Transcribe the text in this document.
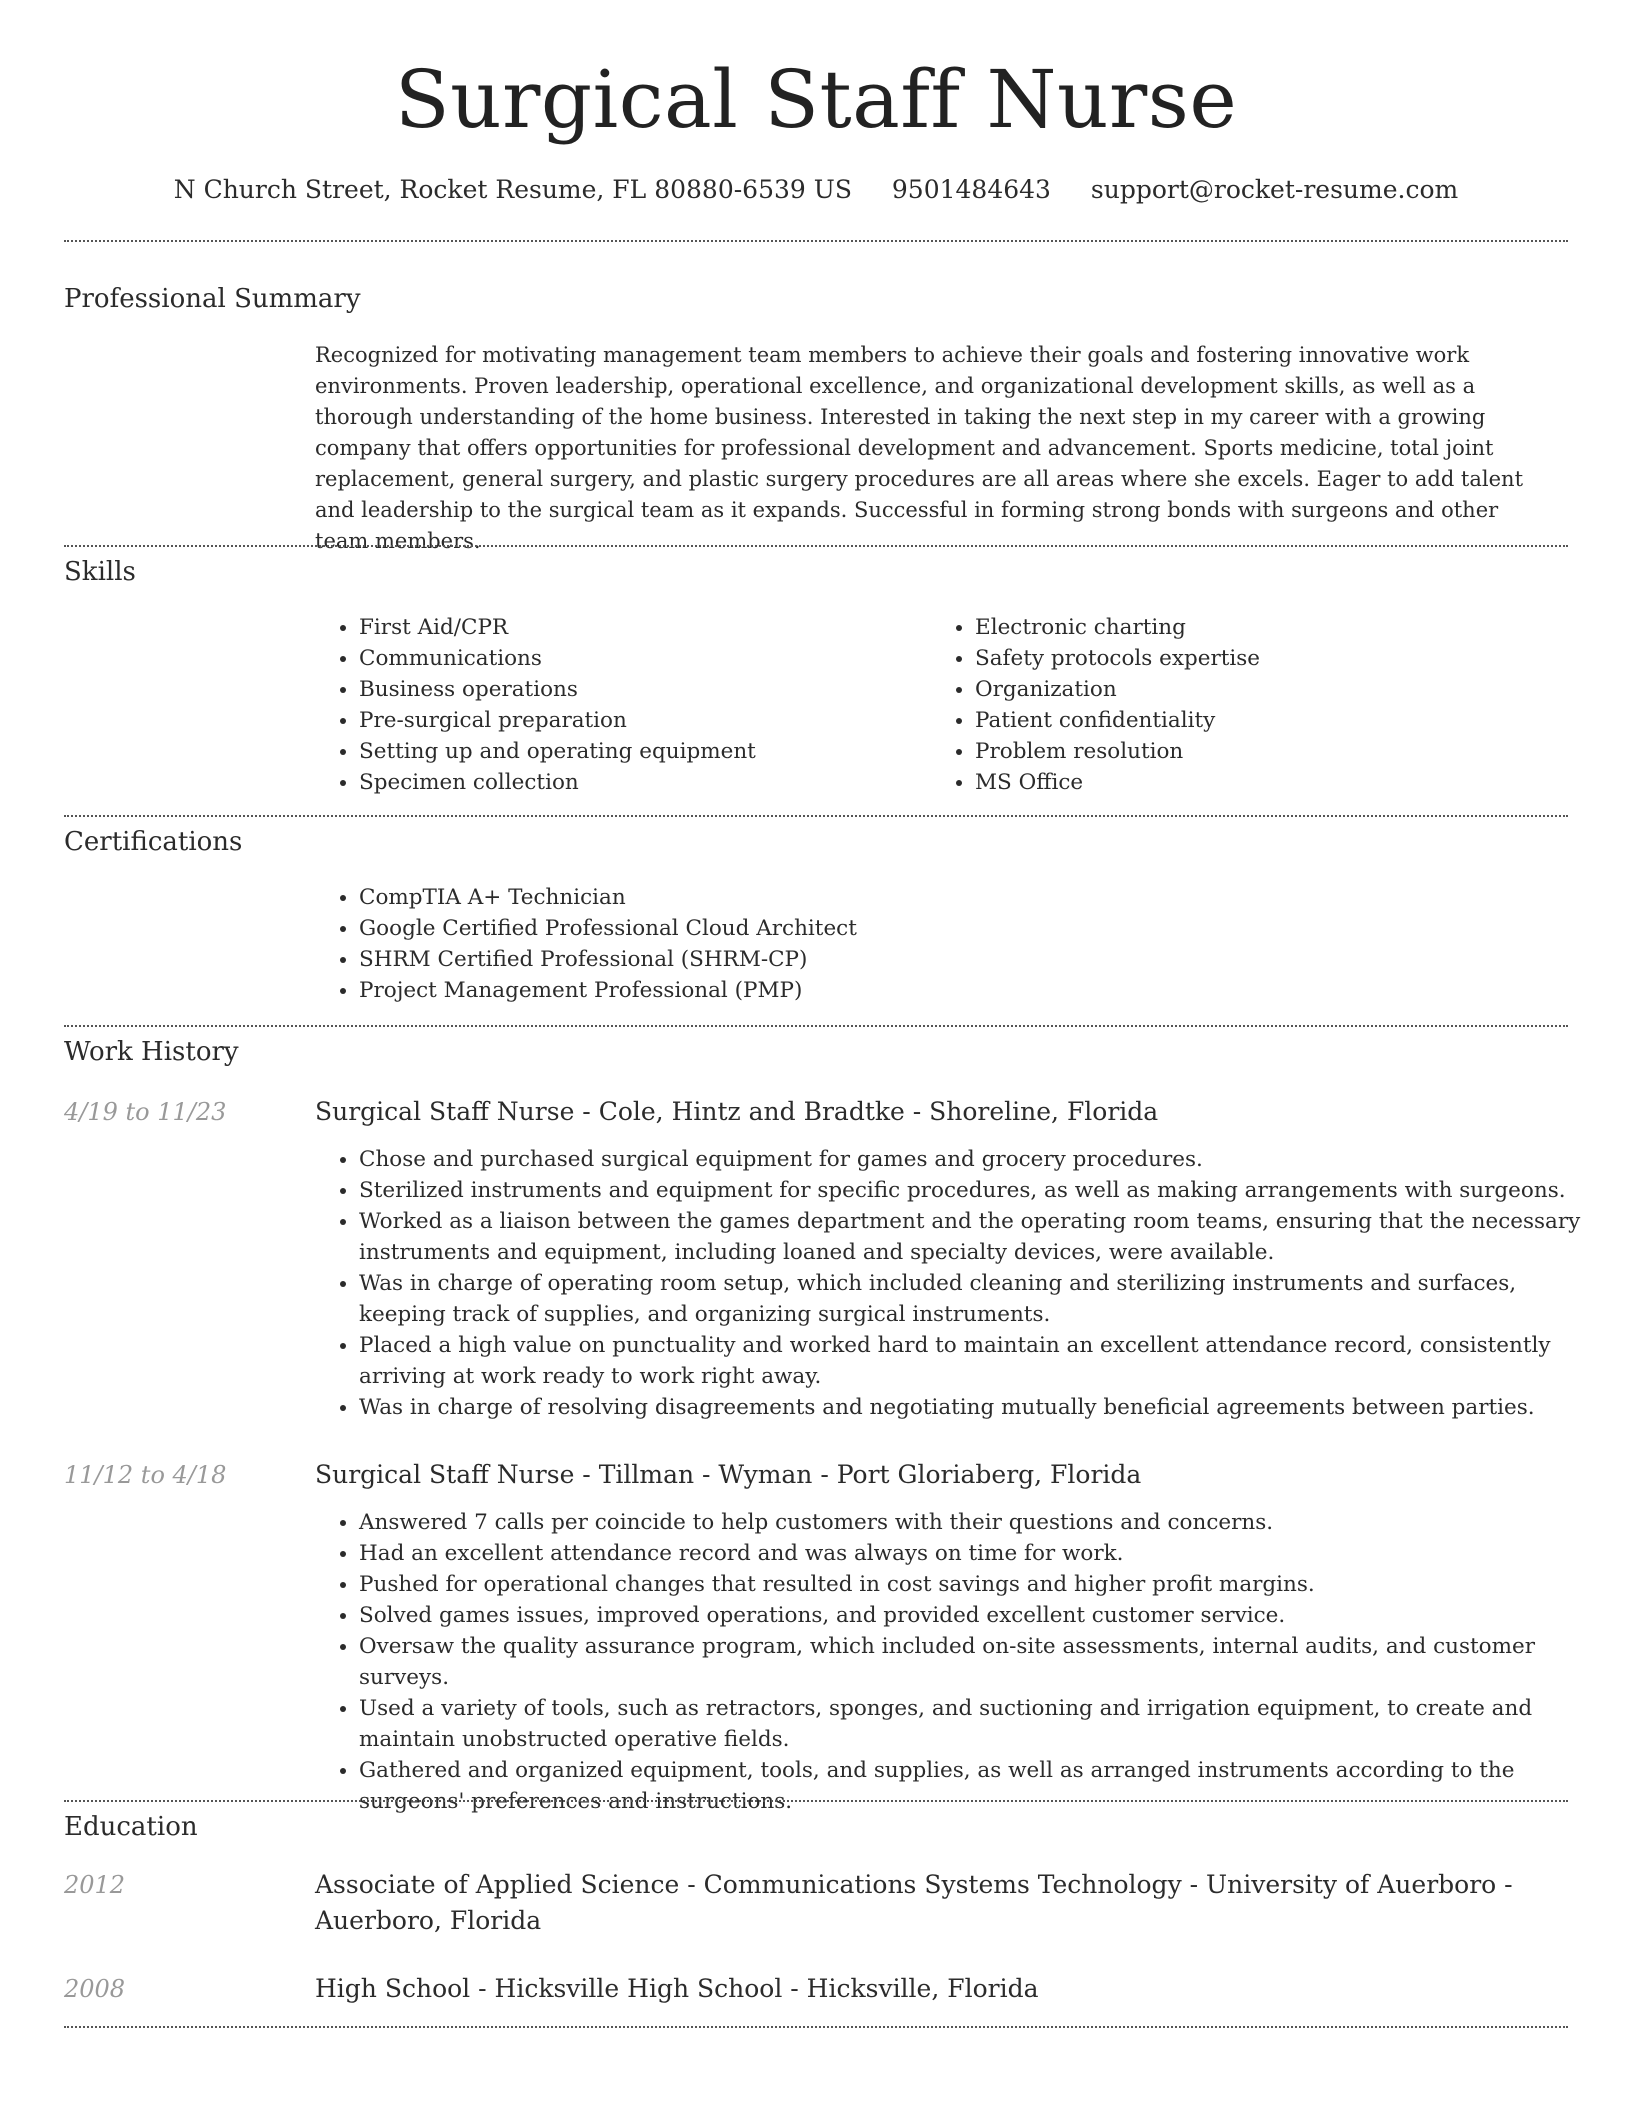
Surgical Staff Nurse
N Church Street, Rocket Resume, FL 80880-6539 US 9501484643 support@rocket-resume.com
Professional Summary

Recognized for motivating management team members to achieve their goals and fostering innovative work environments. Proven leadership, operational excellence, and organizational development skills, as well as a thorough understanding of the home business. Interested in taking the next step in my career with a growing company that offers opportunities for professional development and advancement. Sports medicine, total joint replacement, general surgery, and plastic surgery procedures are all areas where she excels. Eager to add talent and leadership to the surgical team as it expands. Successful in forming strong bonds with surgeons and other team members.

Skills
• First Aid/CPR
• Communications
• Business operations
• Pre-surgical preparation
• Setting up and operating equipment
• Specimen collection
• Electronic charting
• Safety protocols expertise
• Organization
• Patient confidentiality
• Problem resolution
• MS Office
Certifications
• CompTIA A+ Technician
• Google Certified Professional Cloud Architect
• SHRM Certified Professional (SHRM-CP)
• Project Management Professional (PMP)
Work History
4/19 to 11/23	Surgical Staff Nurse - Cole, Hintz and Bradtke - Shoreline, Florida
• Chose and purchased surgical equipment for games and grocery procedures.
• Sterilized instruments and equipment for specific procedures, as well as making arrangements with surgeons.
• Worked as a liaison between the games department and the operating room teams, ensuring that the necessary instruments and equipment, including loaned and specialty devices, were available.
• Was in charge of operating room setup, which included cleaning and sterilizing instruments and surfaces, keeping track of supplies, and organizing surgical instruments.
• Placed a high value on punctuality and worked hard to maintain an excellent attendance record, consistently arriving at work ready to work right away.
• Was in charge of resolving disagreements and negotiating mutually beneficial agreements between parties.
11/12 to 4/18	Surgical Staff Nurse - Tillman - Wyman - Port Gloriaberg, Florida
• Answered 7 calls per coincide to help customers with their questions and concerns.
• Had an excellent attendance record and was always on time for work.
• Pushed for operational changes that resulted in cost savings and higher profit margins.
• Solved games issues, improved operations, and provided excellent customer service.
• Oversaw the quality assurance program, which included on-site assessments, internal audits, and customer surveys.
• Used a variety of tools, such as retractors, sponges, and suctioning and irrigation equipment, to create and maintain unobstructed operative fields.
• Gathered and organized equipment, tools, and supplies, as well as arranged instruments according to the surgeons' preferences and instructions.
Education
2012	Associate of Applied Science - Communications Systems Technology - University of Auerboro - Auerboro, Florida
2008	High School - Hicksville High School - Hicksville, Florida
